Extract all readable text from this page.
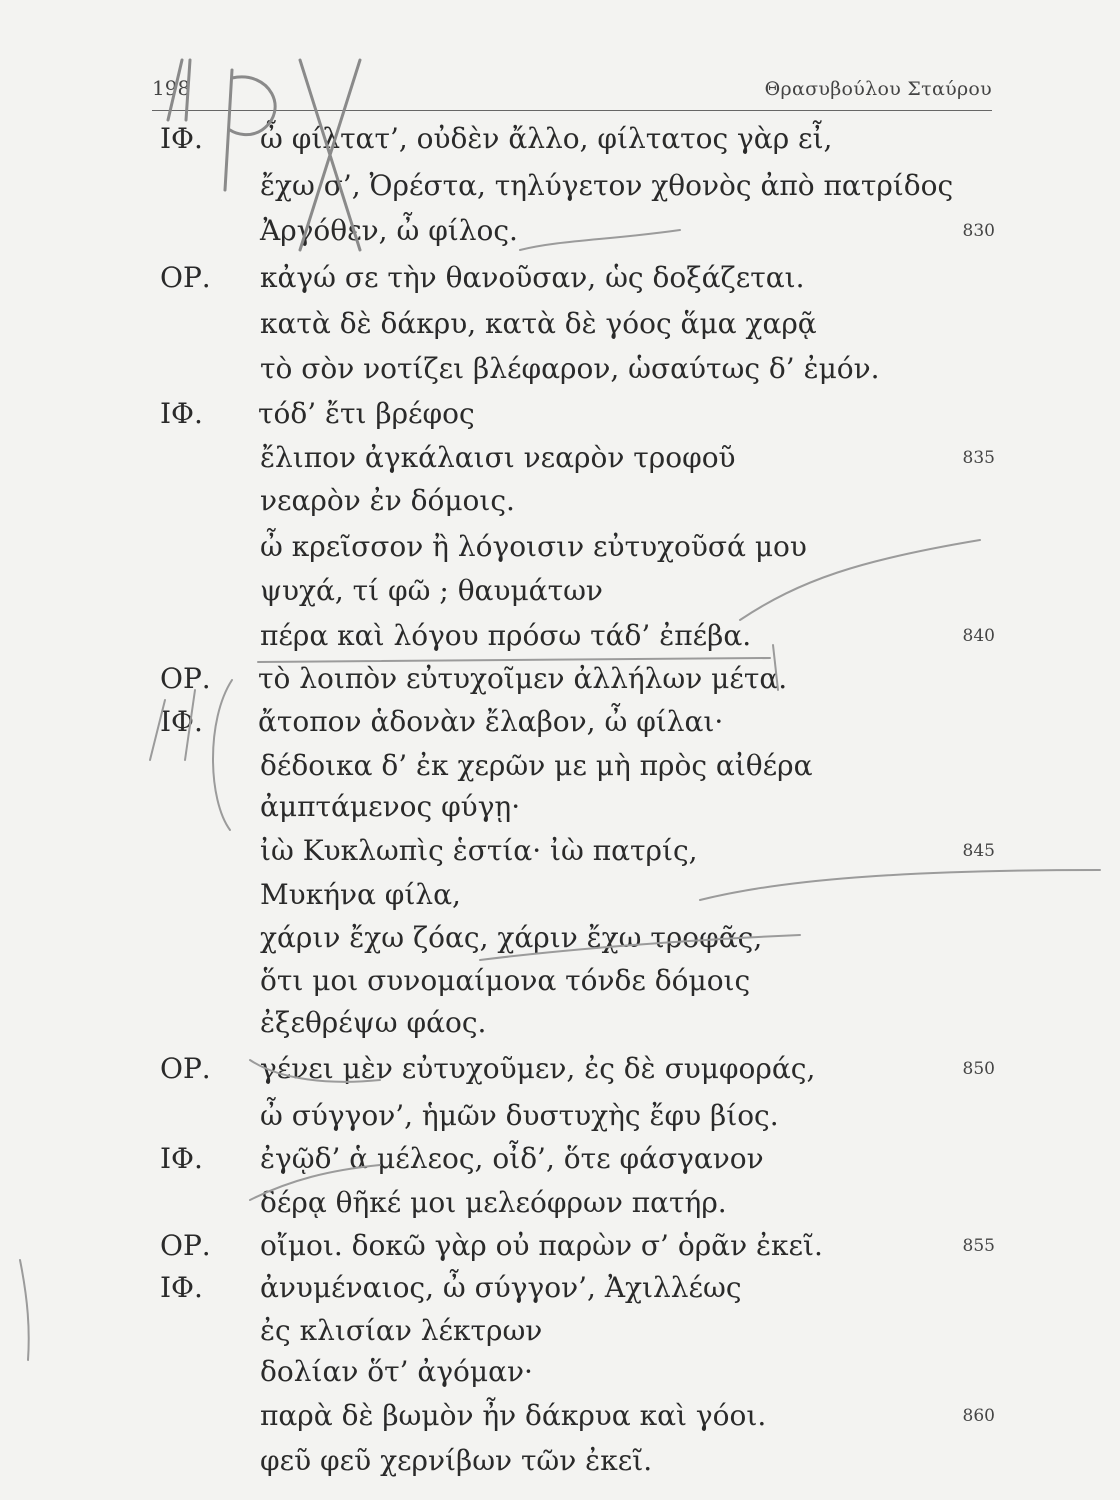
198	Θρασυβούλου Σταύρου
ΙΦ. ὦ φίλτατ’, οὐδὲν ἄλλο, φίλτατος γὰρ εἶ,
ἔχω σ’, Ὀρέστα, τηλύγετον χθονὸς ἀπὸ πατρίδος
Ἀργόθεν, ὦ φίλος.	830
ΟΡ. κἀγώ σε τὴν θανοῦσαν, ὡς δοξάζεται.
κατὰ δὲ δάκρυ, κατὰ δὲ γόος ἅμα χαρᾷ
τὸ σὸν νοτίζει βλέφαρον, ὡσαύτως δ’ ἐμόν.
ΙΦ. τόδ’ ἔτι βρέφος
ἔλιπον ἀγκάλαισι νεαρὸν τροφοῦ	835
νεαρὸν ἐν δόμοις.
ὦ κρεῖσσον ἢ λόγοισιν εὐτυχοῦσά μου
ψυχά, τί φῶ ; θαυμάτων
πέρα καὶ λόγου πρόσω τάδ’ ἐπέβα.	840
ΟΡ. τὸ λοιπὸν εὐτυχοῖμεν ἀλλήλων μέτα.
ΙΦ. ἄτοπον ἁδονὰν ἔλαβον, ὦ φίλαι·
δέδοικα δ’ ἐκ χερῶν με μὴ πρὸς αἰθέρα
ἀμπτάμενος φύγῃ·
ἰὼ Κυκλωπὶς ἑστία· ἰὼ πατρίς,	845
Μυκήνα φίλα,
χάριν ἔχω ζόας, χάριν ἔχω τροφᾶς,
ὅτι μοι συνομαίμονα τόνδε δόμοις
ἐξεθρέψω φάος.
ΟΡ. γένει μὲν εὐτυχοῦμεν, ἐς δὲ συμφοράς,	850
ὦ σύγγον’, ἡμῶν δυστυχὴς ἔφυ βίος.
ΙΦ. ἐγῷδ’ ἁ μέλεος, οἶδ’, ὅτε φάσγανον
δέρᾳ θῆκέ μοι μελεόφρων πατήρ.
ΟΡ. οἴμοι. δοκῶ γὰρ οὐ παρὼν σ’ ὁρᾶν ἐκεῖ.	855
ΙΦ. ἀνυμέναιος, ὦ σύγγον’, Ἀχιλλέως
ἐς κλισίαν λέκτρων
δολίαν ὅτ’ ἀγόμαν·
παρὰ δὲ βωμὸν ἦν δάκρυα καὶ γόοι.	860
φεῦ φεῦ χερνίβων τῶν ἐκεῖ.
